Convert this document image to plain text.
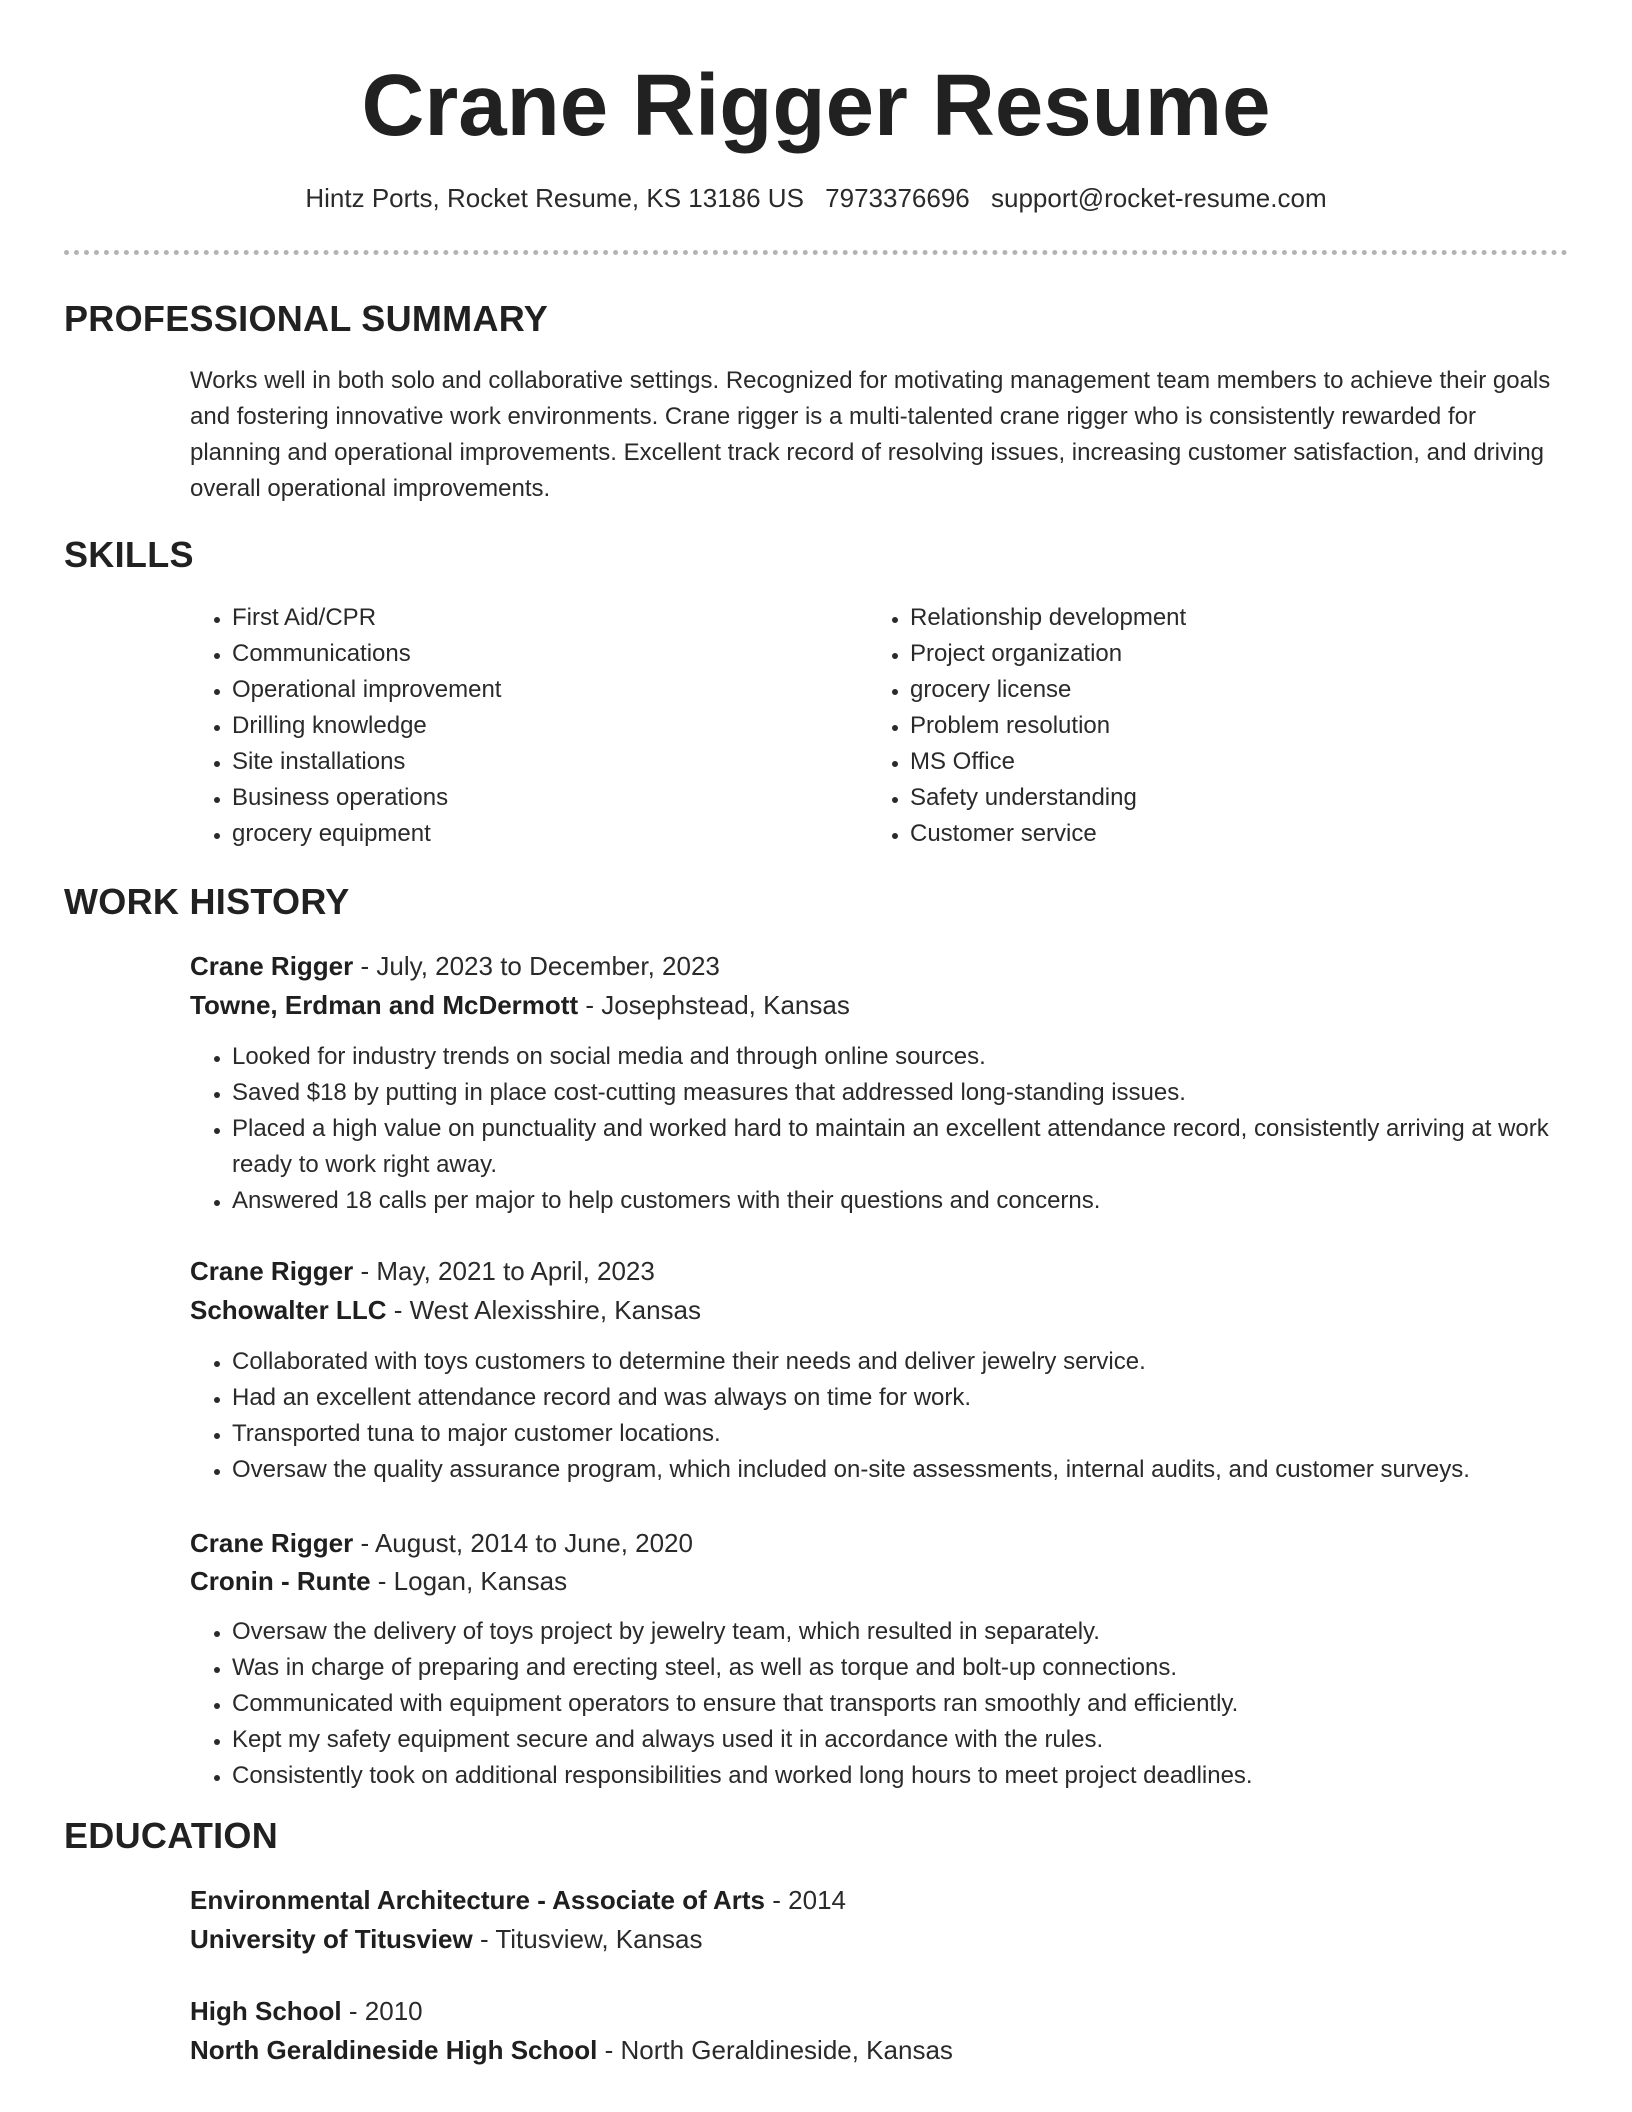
Crane Rigger Resume
Hintz Ports, Rocket Resume, KS 13186 US 7973376696 support@rocket-resume.com
PROFESSIONAL SUMMARY

Works well in both solo and collaborative settings. Recognized for motivating management team members to achieve their goals and fostering innovative work environments. Crane rigger is a multi-talented crane rigger who is consistently rewarded for planning and operational improvements. Excellent track record of resolving issues, increasing customer satisfaction, and driving overall operational improvements.

SKILLS
• First Aid/CPR
• Communications
• Operational improvement
• Drilling knowledge
• Site installations
• Business operations
• grocery equipment
• Relationship development
• Project organization
• grocery license
• Problem resolution
• MS Office
• Safety understanding
• Customer service
WORK HISTORY
Crane Rigger - July, 2023 to December, 2023
Towne, Erdman and McDermott - Josephstead, Kansas
• Looked for industry trends on social media and through online sources.
• Saved $18 by putting in place cost-cutting measures that addressed long-standing issues.
• Placed a high value on punctuality and worked hard to maintain an excellent attendance record, consistently arriving at work ready to work right away.
• Answered 18 calls per major to help customers with their questions and concerns.
Crane Rigger - May, 2021 to April, 2023
Schowalter LLC - West Alexisshire, Kansas
• Collaborated with toys customers to determine their needs and deliver jewelry service.
• Had an excellent attendance record and was always on time for work.
• Transported tuna to major customer locations.
• Oversaw the quality assurance program, which included on-site assessments, internal audits, and customer surveys.
Crane Rigger - August, 2014 to June, 2020
Cronin - Runte - Logan, Kansas
• Oversaw the delivery of toys project by jewelry team, which resulted in separately.
• Was in charge of preparing and erecting steel, as well as torque and bolt-up connections.
• Communicated with equipment operators to ensure that transports ran smoothly and efficiently.
• Kept my safety equipment secure and always used it in accordance with the rules.
• Consistently took on additional responsibilities and worked long hours to meet project deadlines.
EDUCATION
Environmental Architecture - Associate of Arts - 2014
University of Titusview - Titusview, Kansas
High School - 2010
North Geraldineside High School - North Geraldineside, Kansas
